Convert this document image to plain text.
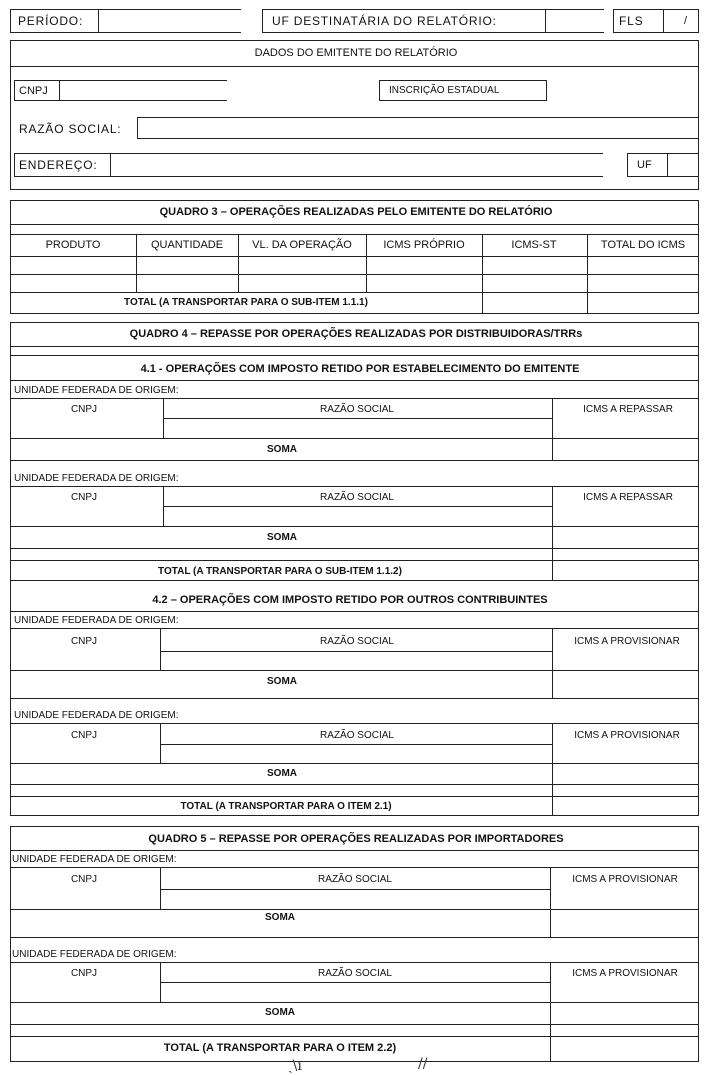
PERÍODO:	UF DESTINATÁRIA DO RELATÓRIO:	FLS	/
DADOS DO EMITENTE DO RELATÓRIO
CNPJ	INSCRIÇÃO ESTADUAL
RAZÃO SOCIAL:
ENDEREÇO:	UF
QUADRO 3 – OPERAÇÕES REALIZADAS PELO EMITENTE DO RELATÓRIO
PRODUTO	QUANTIDADE	VL. DA OPERAÇÃO	ICMS PRÓPRIO	ICMS-ST	TOTAL DO ICMS
TOTAL (A TRANSPORTAR PARA O SUB-ITEM 1.1.1)
QUADRO 4 – REPASSE POR OPERAÇÕES REALIZADAS POR DISTRIBUIDORAS/TRRs
4.1 - OPERAÇÕES COM IMPOSTO RETIDO POR ESTABELECIMENTO DO EMITENTE
UNIDADE FEDERADA DE ORIGEM:
CNPJ	RAZÃO SOCIAL	ICMS A REPASSAR
SOMA
UNIDADE FEDERADA DE ORIGEM:
CNPJ	RAZÃO SOCIAL	ICMS A REPASSAR
SOMA
TOTAL (A TRANSPORTAR PARA O SUB-ITEM 1.1.2)
4.2 – OPERAÇÕES COM IMPOSTO RETIDO POR OUTROS CONTRIBUINTES
UNIDADE FEDERADA DE ORIGEM:
CNPJ	RAZÃO SOCIAL	ICMS A PROVISIONAR
SOMA
UNIDADE FEDERADA DE ORIGEM:
CNPJ	RAZÃO SOCIAL	ICMS A PROVISIONAR
SOMA
TOTAL (A TRANSPORTAR PARA O ITEM 2.1)
QUADRO 5 – REPASSE POR OPERAÇÕES REALIZADAS POR IMPORTADORES
UNIDADE FEDERADA DE ORIGEM:
CNPJ	RAZÃO SOCIAL	ICMS A PROVISIONAR
SOMA
UNIDADE FEDERADA DE ORIGEM:
CNPJ	RAZÃO SOCIAL	ICMS A PROVISIONAR
SOMA
TOTAL (A TRANSPORTAR PARA O ITEM 2.2)
ˎ\ı	//
